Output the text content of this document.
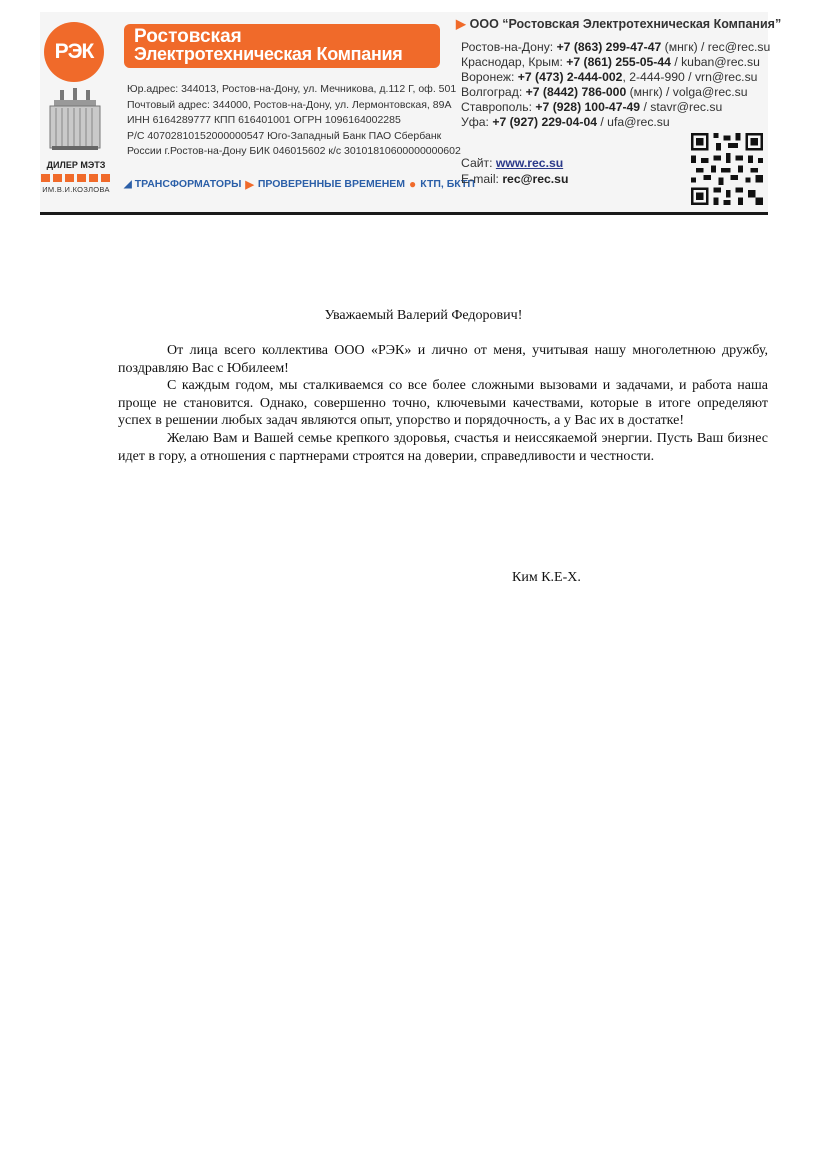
РЭК
ДИЛЕР МЭТЗ
ИМ.В.И.КОЗЛОВА
Ростовская
Электротехническая Компания
Юр.адрес: 344013, Ростов-на-Дону, ул. Мечникова, д.112 Г, оф. 501
Почтовый адрес: 344000, Ростов-на-Дону, ул. Лермонтовская, 89А
ИНН 6164289777 КПП 616401001 ОГРН 1096164002285
Р/С 40702810152000000547 Юго-Западный Банк ПАО Сбербанк
России г.Ростов-на-Дону БИК 046015602 к/с 30101810600000000602
◢ ТРАНСФОРМАТОРЫ ▶ ПРОВЕРЕННЫЕ ВРЕМЕНЕМ ● КТП, БКТП
▶ ООО “Ростовская Электротехническая Компания”
Ростов-на-Дону: +7 (863) 299-47-47 (мнгк) / rec@rec.su
Краснодар, Крым: +7 (861) 255-05-44 / kuban@rec.su
Воронеж: +7 (473) 2-444-002, 2-444-990 / vrn@rec.su
Волгоград: +7 (8442) 786-000 (мнгк) / volga@rec.su
Ставрополь: +7 (928) 100-47-49 / stavr@rec.su
Уфа: +7 (927) 229-04-04 / ufa@rec.su
Сайт: www.rec.su
E-mail: rec@rec.su
Уважаемый Валерий Федорович!

От лица всего коллектива ООО «РЭК» и лично от меня, учитывая нашу многолетнюю дружбу, поздравляю Вас с Юбилеем!

С каждым годом, мы сталкиваемся со все более сложными вызовами и задачами, и работа наша проще не становится. Однако, совершенно точно, ключевыми качествами, которые в итоге определяют успех в решении любых задач являются опыт, упорство и порядочность, а у Вас их в достатке!

Желаю Вам и Вашей семье крепкого здоровья, счастья и неиссякаемой энергии. Пусть Ваш бизнес идет в гору, а отношения с партнерами строятся на доверии, справедливости и честности.

Ким К.Е-Х.
